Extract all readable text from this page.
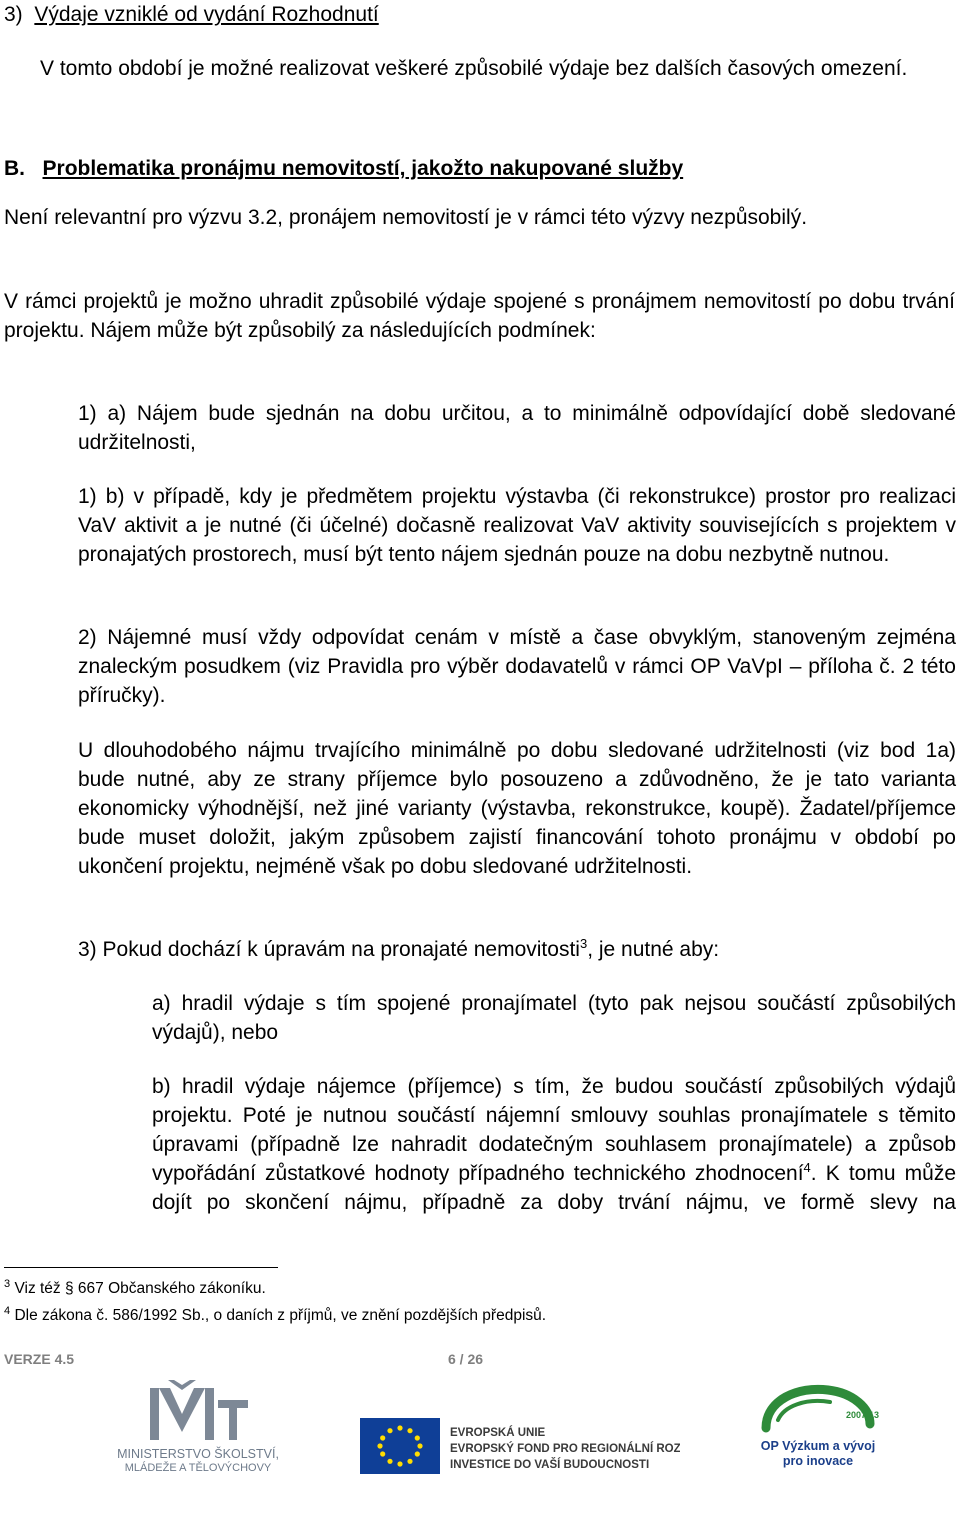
3) Výdaje vzniklé od vydání Rozhodnutí

V tomto období je možné realizovat veškeré způsobilé výdaje bez dalších časových omezení.

B. Problematika pronájmu nemovitostí, jakožto nakupované služby

Není relevantní pro výzvu 3.2, pronájem nemovitostí je v rámci této výzvy nezpůsobilý.

V rámci projektů je možno uhradit způsobilé výdaje spojené s pronájmem nemovitostí po dobu trvání projektu. Nájem může být způsobilý za následujících podmínek:

1) a) Nájem bude sjednán na dobu určitou, a to minimálně odpovídající době sledované udržitelnosti,

1) b) v případě, kdy je předmětem projektu výstavba (či rekonstrukce) prostor pro realizaci VaV aktivit a je nutné (či účelné) dočasně realizovat VaV aktivity souvisejících s projektem v pronajatých prostorech, musí být tento nájem sjednán pouze na dobu nezbytně nutnou.

2) Nájemné musí vždy odpovídat cenám v místě a čase obvyklým, stanoveným zejména znaleckým posudkem (viz Pravidla pro výběr dodavatelů v rámci OP VaVpI – příloha č. 2 této příručky).

U dlouhodobého nájmu trvajícího minimálně po dobu sledované udržitelnosti (viz bod 1a) bude nutné, aby ze strany příjemce bylo posouzeno a zdůvodněno, že je tato varianta ekonomicky výhodnější, než jiné varianty (výstavba, rekonstrukce, koupě). Žadatel/příjemce bude muset doložit, jakým způsobem zajistí financování tohoto pronájmu v období po ukončení projektu, nejméně však po dobu sledované udržitelnosti.

3) Pokud dochází k úpravám na pronajaté nemovitosti$^3$, je nutné aby:

a) hradil výdaje s tím spojené pronajímatel (tyto pak nejsou součástí způsobilých výdajů), nebo

b) hradil výdaje nájemce (příjemce) s tím, že budou součástí způsobilých výdajů projektu. Poté je nutnou součástí nájemní smlouvy souhlas pronajímatele s těmito úpravami (případně lze nahradit dodatečným souhlasem pronajímatele) a způsob vypořádání zůstatkové hodnoty případného technického zhodnocení$^4$. K tomu může dojít po skončení nájmu, případně za doby trvání nájmu, ve formě slevy na

$^3$ Viz též § 667 Občanského zákoníku.
$^4$ Dle zákona č. 586/1992 Sb., o daních z příjmů, ve znění pozdějších předpisů.
VERZE 4.5	6 / 26
MINISTERSTVO ŠKOLSTVÍ,
MLÁDEŽE A TĚLOVÝCHOVY
EVROPSKÁ UNIE
EVROPSKÝ FOND PRO REGIONÁLNÍ ROZVOJ
INVESTICE DO VAŠÍ BUDOUCNOSTI
2007-13
OP Výzkum a vývoj
pro inovace
